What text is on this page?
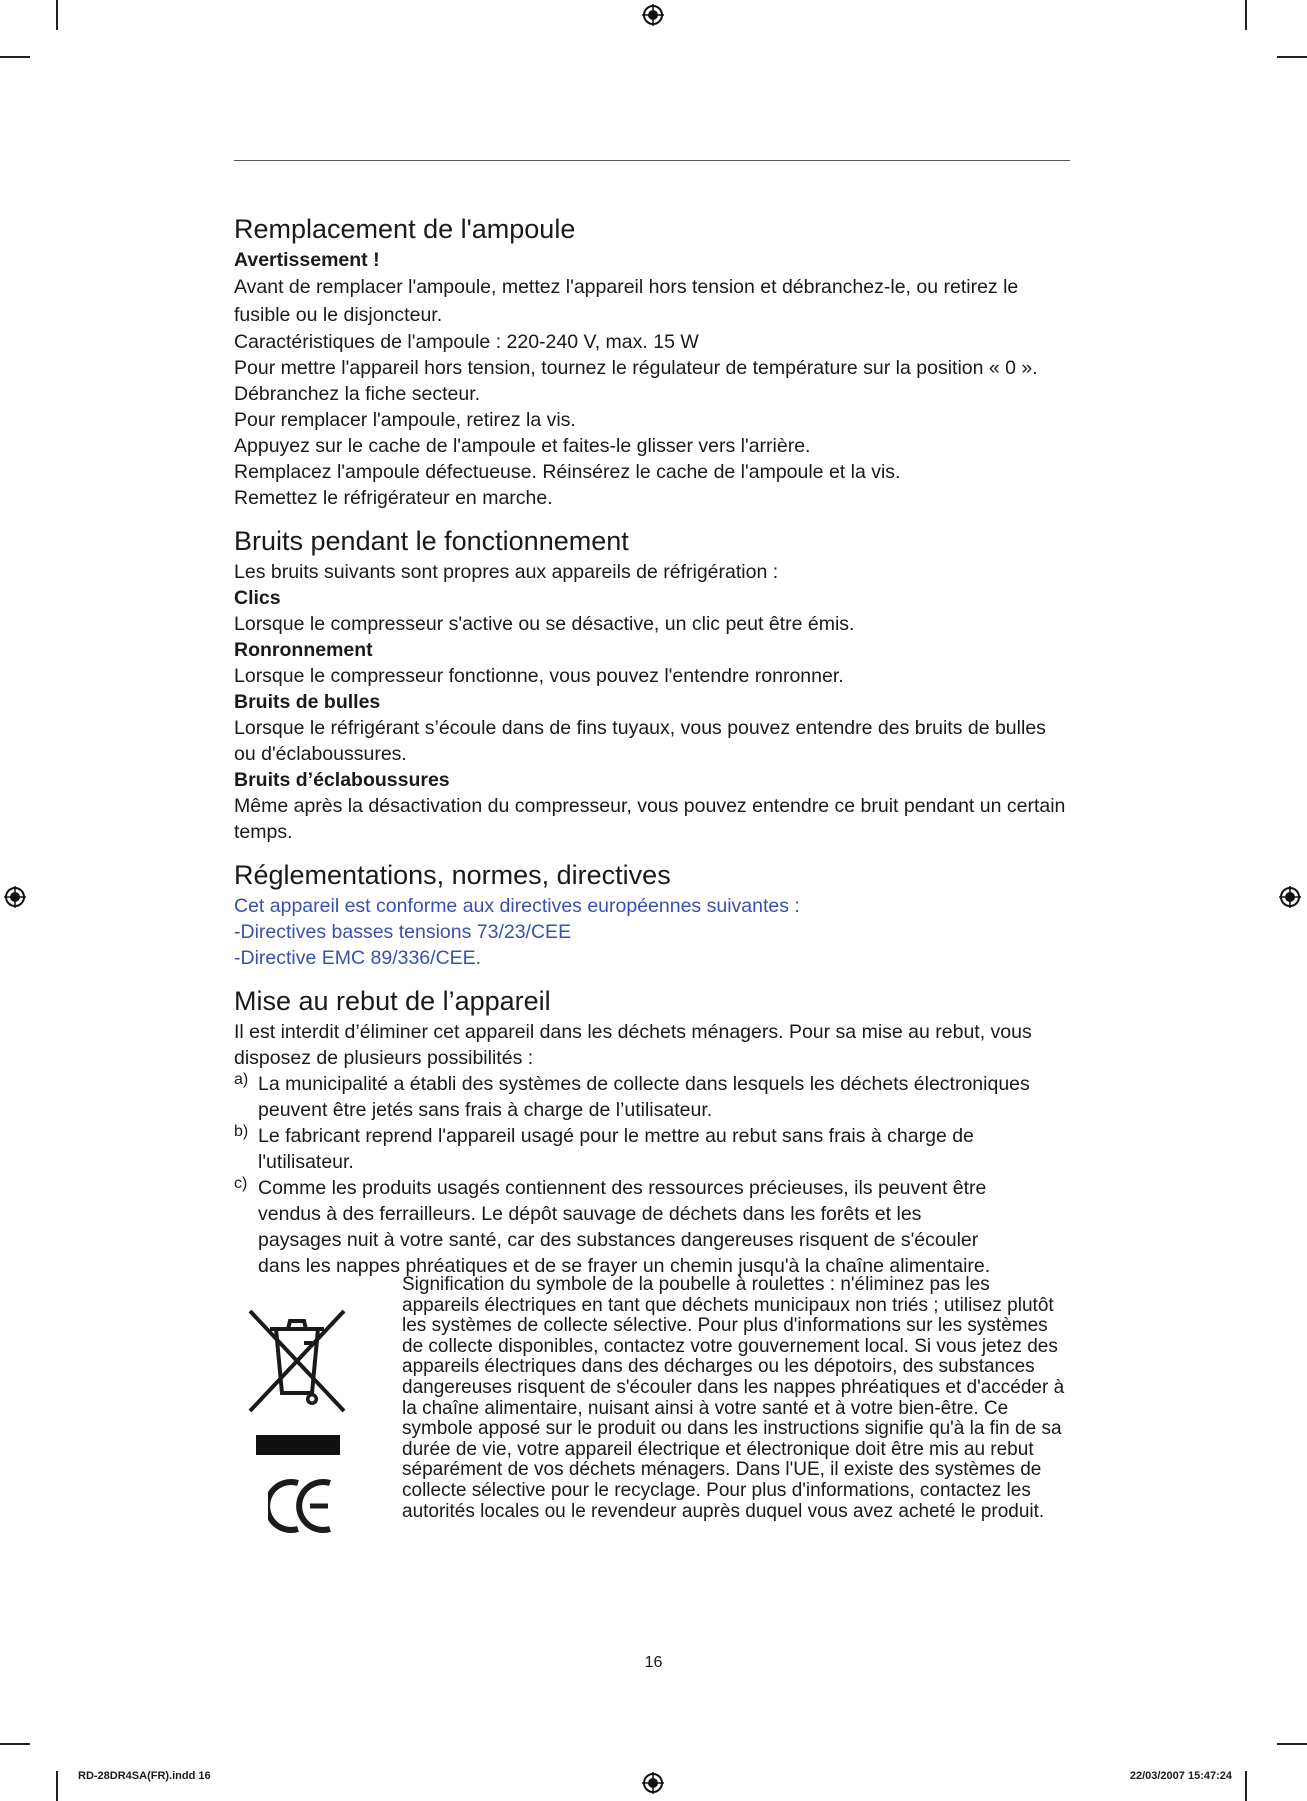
Remplacement de l'ampoule

Avertissement !

Avant de remplacer l'ampoule, mettez l'appareil hors tension et débranchez-le, ou retirez le fusible ou le disjoncteur.

Caractéristiques de l'ampoule : 220-240 V, max. 15 W

Pour mettre l'appareil hors tension, tournez le régulateur de température sur la position « 0 ».

Débranchez la fiche secteur.

Pour remplacer l'ampoule, retirez la vis.

Appuyez sur le cache de l'ampoule et faites-le glisser vers l'arrière.

Remplacez l'ampoule défectueuse. Réinsérez le cache de l'ampoule et la vis.

Remettez le réfrigérateur en marche.

Bruits pendant le fonctionnement

Les bruits suivants sont propres aux appareils de réfrigération :

Clics

Lorsque le compresseur s'active ou se désactive, un clic peut être émis.

Ronronnement

Lorsque le compresseur fonctionne, vous pouvez l'entendre ronronner.

Bruits de bulles

Lorsque le réfrigérant s’écoule dans de fins tuyaux, vous pouvez entendre des bruits de bulles ou d'éclaboussures.

Bruits d’éclaboussures

Même après la désactivation du compresseur, vous pouvez entendre ce bruit pendant un certain temps.

Réglementations, normes, directives

Cet appareil est conforme aux directives européennes suivantes :

-Directives basses tensions 73/23/CEE

-Directive EMC 89/336/CEE.

Mise au rebut de l’appareil

Il est interdit d’éliminer cet appareil dans les déchets ménagers. Pour sa mise au rebut, vous disposez de plusieurs possibilités :

a) La municipalité a établi des systèmes de collecte dans lesquels les déchets électroniques peuvent être jetés sans frais à charge de l’utilisateur.

b) Le fabricant reprend l'appareil usagé pour le mettre au rebut sans frais à charge de l'utilisateur.

c) Comme les produits usagés contiennent des ressources précieuses, ils peuvent être vendus à des ferrailleurs. Le dépôt sauvage de déchets dans les forêts et les paysages nuit à votre santé, car des substances dangereuses risquent de s'écouler dans les nappes phréatiques et de se frayer un chemin jusqu'à la chaîne alimentaire.

Signification du symbole de la poubelle à roulettes : n'éliminez pas les appareils électriques en tant que déchets municipaux non triés ; utilisez plutôt les systèmes de collecte sélective. Pour plus d'informations sur les systèmes de collecte disponibles, contactez votre gouvernement local. Si vous jetez des appareils électriques dans des décharges ou les dépotoirs, des substances dangereuses risquent de s'écouler dans les nappes phréatiques et d'accéder à la chaîne alimentaire, nuisant ainsi à votre santé et à votre bien-être. Ce symbole apposé sur le produit ou dans les instructions signifie qu'à la fin de sa durée de vie, votre appareil électrique et électronique doit être mis au rebut séparément de vos déchets ménagers. Dans l'UE, il existe des systèmes de collecte sélective pour le recyclage. Pour plus d'informations, contactez les autorités locales ou le revendeur auprès duquel vous avez acheté le produit.

16
RD-28DR4SA(FR).indd 16	22/03/2007 15:47:24
